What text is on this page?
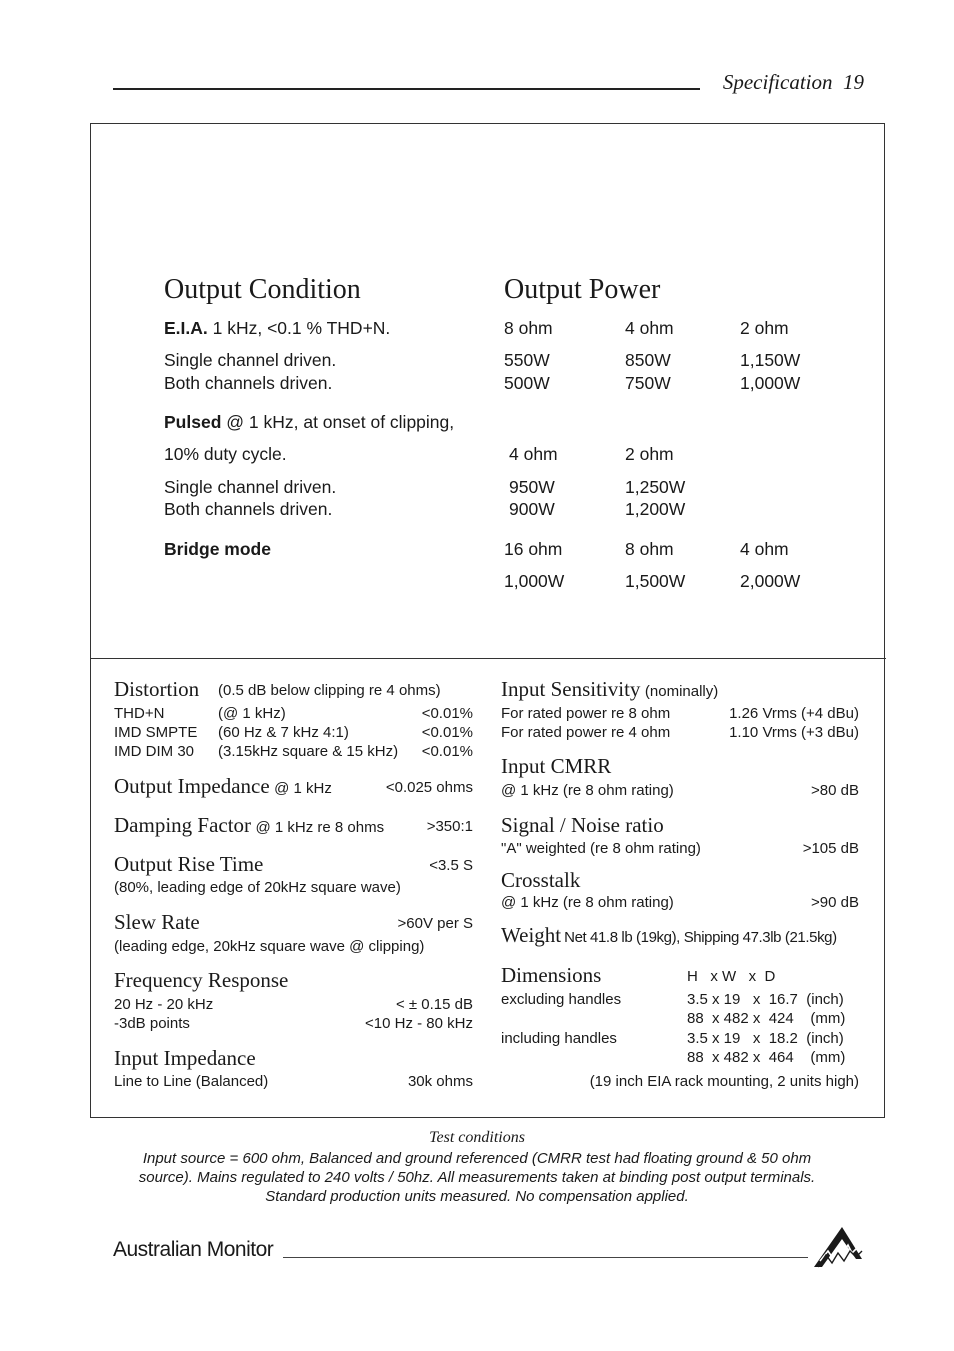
Specification 19
Output Condition	Output Power
E.I.A. 1 kHz, <0.1 % THD+N.	8 ohm	4 ohm	2 ohm
Single channel driven.	550W	850W	1,150W
Both channels driven.	500W	750W	1,000W
Pulsed @ 1 kHz, at onset of clipping,
10% duty cycle.	4 ohm	2 ohm
Single channel driven.	950W	1,250W
Both channels driven.	900W	1,200W
Bridge mode	16 ohm	8 ohm	4 ohm
1,000W	1,500W	2,000W
Distortion (0.5 dB below clipping re 4 ohms)
THD+N	(@ 1 kHz)	<0.01%
IMD SMPTE (60 Hz & 7 kHz 4:1)	<0.01%
IMD DIM 30 (3.15kHz square & 15 kHz) <0.01%
Output Impedance @ 1 kHz	<0.025 ohms
Damping Factor @ 1 kHz re 8 ohms	>350:1
Output Rise Time	<3.5 S
(80%, leading edge of 20kHz square wave)
Slew Rate	>60V per S
(leading edge, 20kHz square wave @ clipping)
Frequency Response
20 Hz - 20 kHz	< ± 0.15 dB
-3dB points	<10 Hz - 80 kHz
Input Impedance
Line to Line (Balanced)	30k ohms
Input Sensitivity (nominally)
For rated power re 8 ohm	1.26 Vrms (+4 dBu)
For rated power re 4 ohm	1.10 Vrms (+3 dBu)
Input CMRR
@ 1 kHz (re 8 ohm rating)	>80 dB
Signal / Noise ratio
"A" weighted (re 8 ohm rating)	>105 dB
Crosstalk
@ 1 kHz (re 8 ohm rating)	>90 dB
Weight Net 41.8 lb (19kg), Shipping 47.3lb (21.5kg)
Dimensions	H   x W   x  D
excluding handles	3.5 x 19   x  16.7  (inch)
88  x 482 x  424    (mm)
including handles	3.5 x 19   x  18.2  (inch)
88  x 482 x  464    (mm)
(19 inch EIA rack mounting, 2 units high)
Test conditions
Input source = 600 ohm, Balanced and ground referenced (CMRR test had floating ground & 50 ohm
source). Mains regulated to 240 volts / 50hz. All measurements taken at binding post output terminals.
Standard production units measured. No compensation applied.
Australian Monitor
